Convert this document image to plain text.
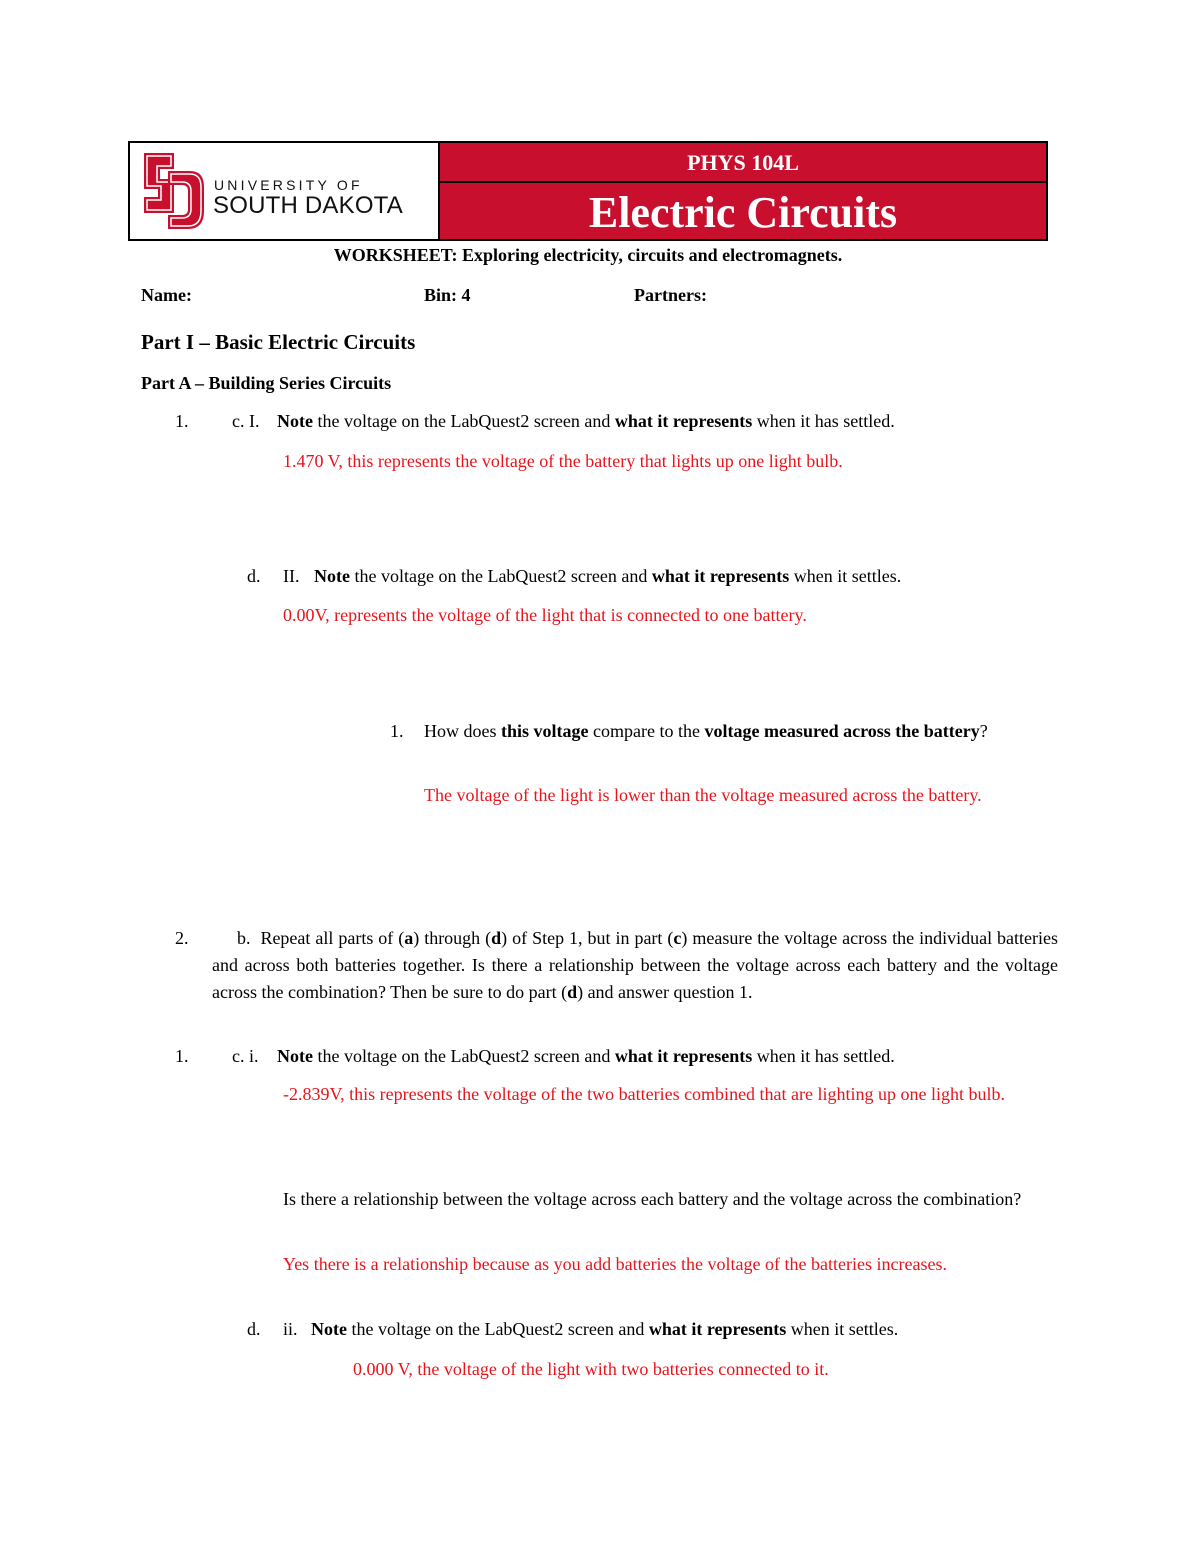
UNIVERSITY OF
SOUTH DAKOTA
PHYS 104L
Electric Circuits
WORKSHEET: Exploring electricity, circuits and electromagnets.
Name:	Bin: 4	Partners:
Part I – Basic Electric Circuits
Part A – Building Series Circuits
1. c. I. Note the voltage on the LabQuest2 screen and what it represents when it has settled.
1.470 V, this represents the voltage of the battery that lights up one light bulb.
d. II. Note the voltage on the LabQuest2 screen and what it represents when it settles.
0.00V, represents the voltage of the light that is connected to one battery.
1. How does this voltage compare to the voltage measured across the battery?
The voltage of the light is lower than the voltage measured across the battery.
2.	b. Repeat all parts of (a) through (d) of Step 1, but in part (c) measure the voltage across the individual batteries and across both batteries together. Is there a relationship between the voltage across each battery and the voltage across the combination? Then be sure to do part (d) and answer question 1.
1. c. i. Note the voltage on the LabQuest2 screen and what it represents when it has settled.
-2.839V, this represents the voltage of the two batteries combined that are lighting up one light bulb.
Is there a relationship between the voltage across each battery and the voltage across the combination?
Yes there is a relationship because as you add batteries the voltage of the batteries increases.
d. ii. Note the voltage on the LabQuest2 screen and what it represents when it settles.
0.000 V, the voltage of the light with two batteries connected to it.
